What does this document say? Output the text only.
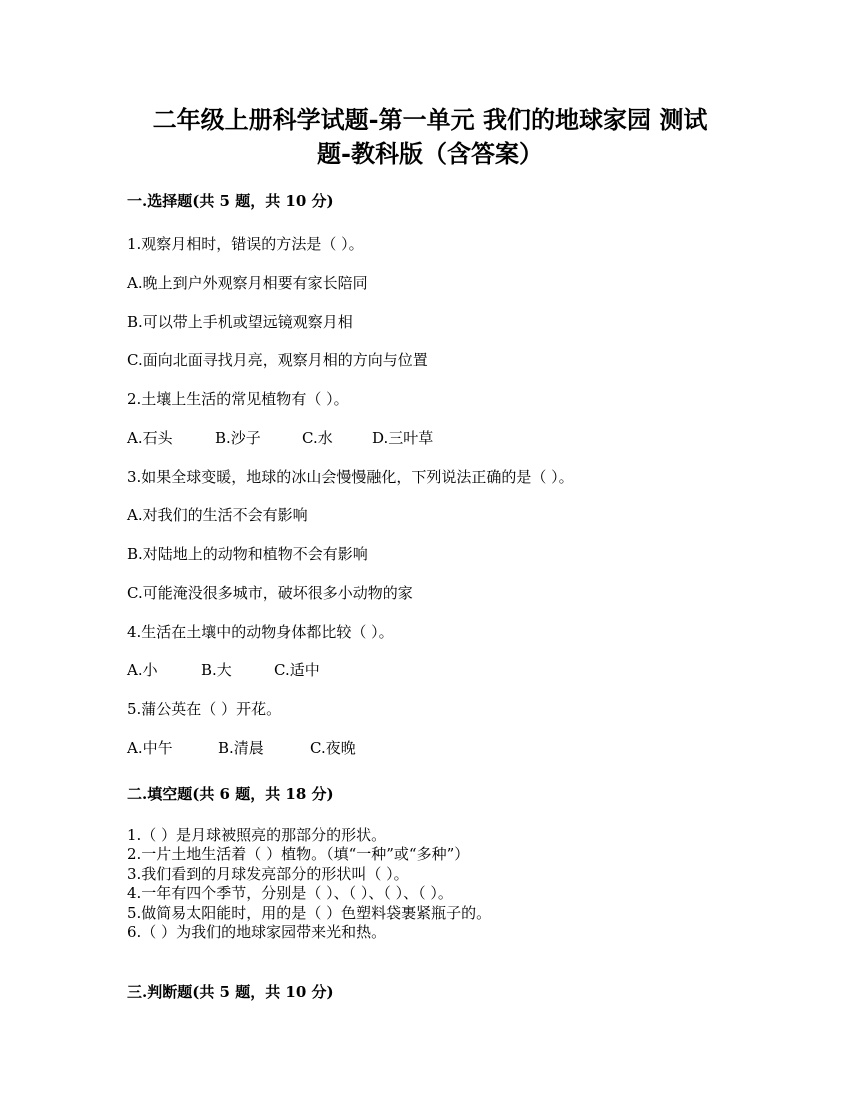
二年级上册科学试题-第一单元 我们的地球家园 测试
题-教科版（含答案）
一.选择题(共 5 题，共 10 分)
1.观察月相时，错误的方法是（ ）。
A.晚上到户外观察月相要有家长陪同
B.可以带上手机或望远镜观察月相
C.面向北面寻找月亮，观察月相的方向与位置
2.土壤上生活的常见植物有（ ）。
A.石头	B.沙子	C.水	D.三叶草
3.如果全球变暖，地球的冰山会慢慢融化，下列说法正确的是（ ）。
A.对我们的生活不会有影响
B.对陆地上的动物和植物不会有影响
C.可能淹没很多城市，破坏很多小动物的家
4.生活在土壤中的动物身体都比较（ ）。
A.小	B.大	C.适中
5.蒲公英在（ ）开花。
A.中午	B.清晨	C.夜晚
二.填空题(共 6 题，共 18 分)
1.（ ）是月球被照亮的那部分的形状。
2.一片土地生活着（ ）植物。（填“一种”或“多种”）
3.我们看到的月球发亮部分的形状叫（ ）。
4.一年有四个季节，分别是（ ）、（ ）、（ ）、（ ）。
5.做简易太阳能时，用的是（ ）色塑料袋裹紧瓶子的。
6.（ ）为我们的地球家园带来光和热。
三.判断题(共 5 题，共 10 分)
